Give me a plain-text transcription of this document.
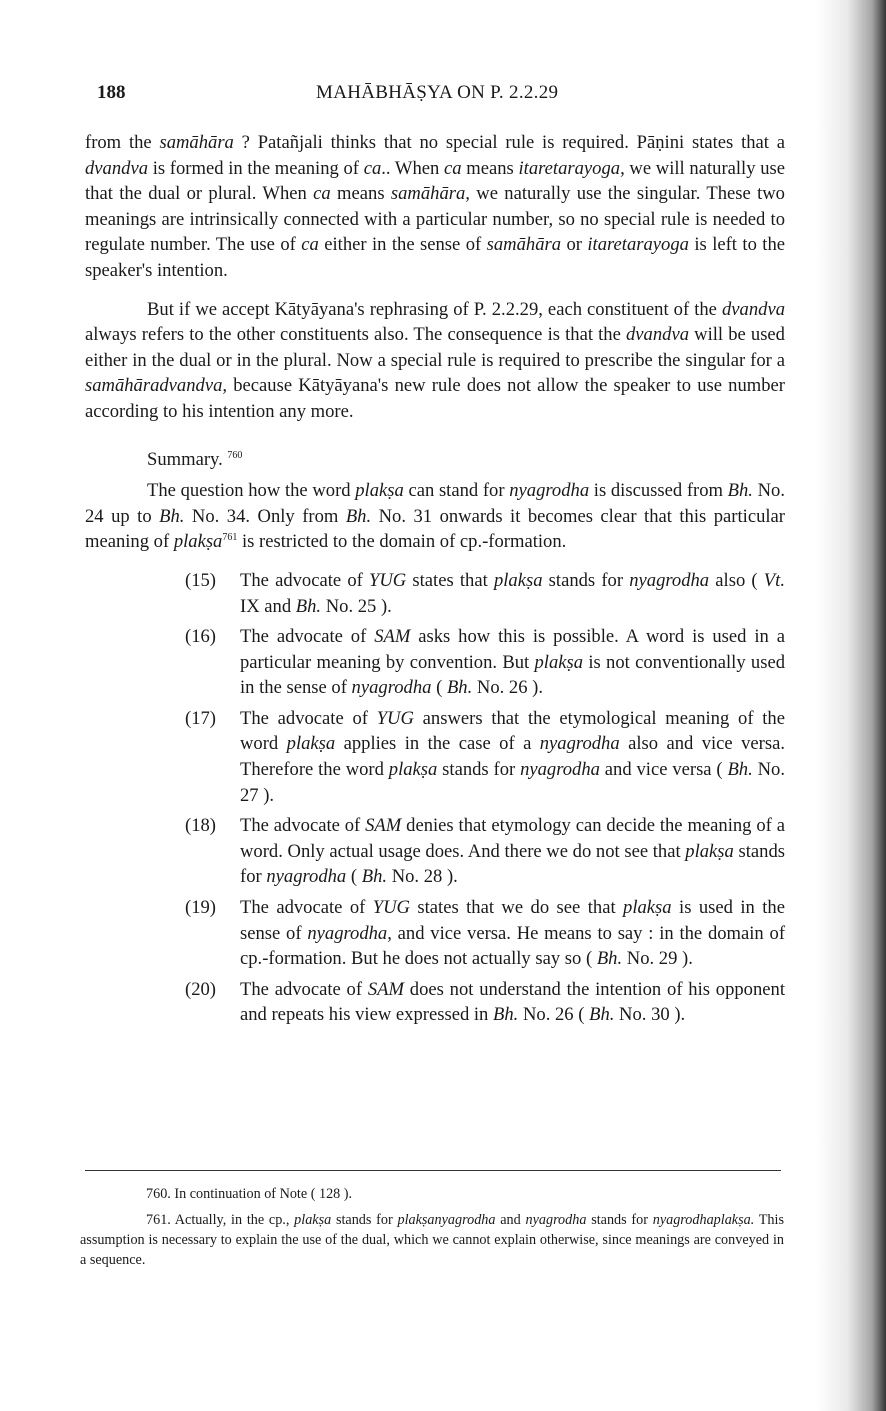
188	MAHĀBHĀṢYA ON P. 2.2.29

from the samāhāra ? Patañjali thinks that no special rule is required. Pāṇini states that a dvandva is formed in the meaning of ca.. When ca means itaretarayoga, we will naturally use that the dual or plural. When ca means samāhāra, we naturally use the singular. These two meanings are intrinsically connected with a particular number, so no special rule is needed to regulate number. The use of ca either in the sense of samāhāra or itaretarayoga is left to the speaker's intention.

But if we accept Kātyāyana's rephrasing of P. 2.2.29, each constituent of the dvandva always refers to the other constituents also. The consequence is that the dvandva will be used either in the dual or in the plural. Now a special rule is required to prescribe the singular for a samāhāradvandva, because Kātyāyana's new rule does not allow the speaker to use number according to his intention any more.

Summary. $^{760}$

The question how the word plakṣa can stand for nyagrodha is discussed from Bh. No. 24 up to Bh. No. 34. Only from Bh. No. 31 onwards it becomes clear that this particular meaning of plakṣa$^{761}$ is restricted to the domain of cp.-formation.

(15) The advocate of YUG states that plakṣa stands for nyagrodha also ( Vt. IX and Bh. No. 25 ).
(16) The advocate of SAM asks how this is possible. A word is used in a particular meaning by convention. But plakṣa is not conventionally used in the sense of nyagrodha ( Bh. No. 26 ).
(17) The advocate of YUG answers that the etymological meaning of the word plakṣa applies in the case of a nyagrodha also and vice versa. Therefore the word plakṣa stands for nyagrodha and vice versa ( Bh. No. 27 ).
(18) The advocate of SAM denies that etymology can decide the meaning of a word. Only actual usage does. And there we do not see that plakṣa stands for nyagrodha ( Bh. No. 28 ).
(19) The advocate of YUG states that we do see that plakṣa is used in the sense of nyagrodha, and vice versa. He means to say : in the domain of cp.-formation. But he does not actually say so ( Bh. No. 29 ).
(20) The advocate of SAM does not understand the intention of his opponent and repeats his view expressed in Bh. No. 26 ( Bh. No. 30 ).

760. In continuation of Note ( 128 ).

761. Actually, in the cp., plakṣa stands for plakṣanyagrodha and nyagrodha stands for nyagrodhaplakṣa. This assumption is necessary to explain the use of the dual, which we cannot explain otherwise, since meanings are conveyed in a sequence.
